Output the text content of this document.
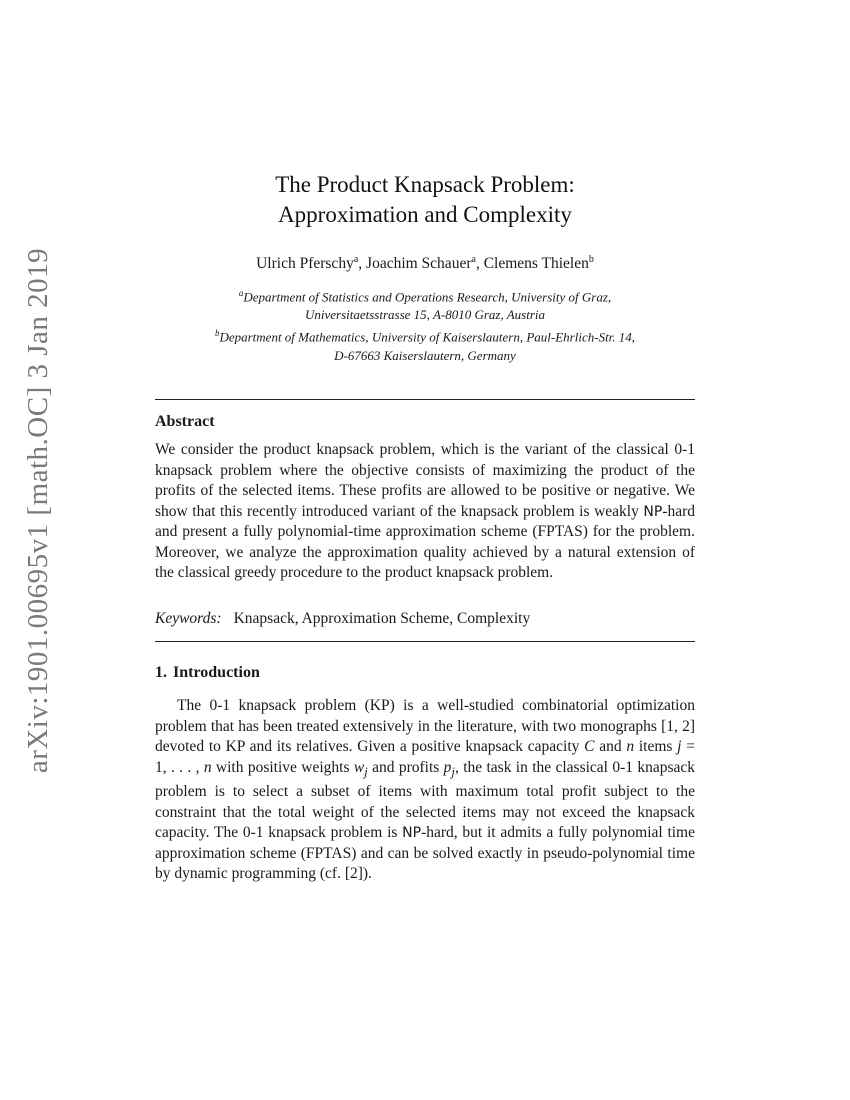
arXiv:1901.00695v1 [math.OC] 3 Jan 2019
The Product Knapsack Problem:
Approximation and Complexity
Ulrich Pferschy$^a$, Joachim Schauer$^a$, Clemens Thielen$^b$
$^a$Department of Statistics and Operations Research, University of Graz,
Universitaetsstrasse 15, A-8010 Graz, Austria
$^b$Department of Mathematics, University of Kaiserslautern, Paul-Ehrlich-Str. 14,
D-67663 Kaiserslautern, Germany
Abstract
We consider the product knapsack problem, which is the variant of the classical 0-1 knapsack problem where the objective consists of maximizing the product of the profits of the selected items. These profits are allowed to be positive or negative. We show that this recently introduced variant of the knapsack problem is weakly NP-hard and present a fully polynomial-time approximation scheme (FPTAS) for the problem. Moreover, we analyze the approximation quality achieved by a natural extension of the classical greedy procedure to the product knapsack problem.
Keywords: Knapsack, Approximation Scheme, Complexity
1. Introduction
The 0-1 knapsack problem (KP) is a well-studied combinatorial optimization problem that has been treated extensively in the literature, with two monographs [1, 2] devoted to KP and its relatives. Given a positive knapsack capacity C and n items j = 1, . . . , n with positive weights $w_j$ and profits $p_j$, the task in the classical 0-1 knapsack problem is to select a subset of items with maximum total profit subject to the constraint that the total weight of the selected items may not exceed the knapsack capacity. The 0-1 knapsack problem is NP-hard, but it admits a fully polynomial time approximation scheme (FPTAS) and can be solved exactly in pseudo-polynomial time by dynamic programming (cf. [2]).
